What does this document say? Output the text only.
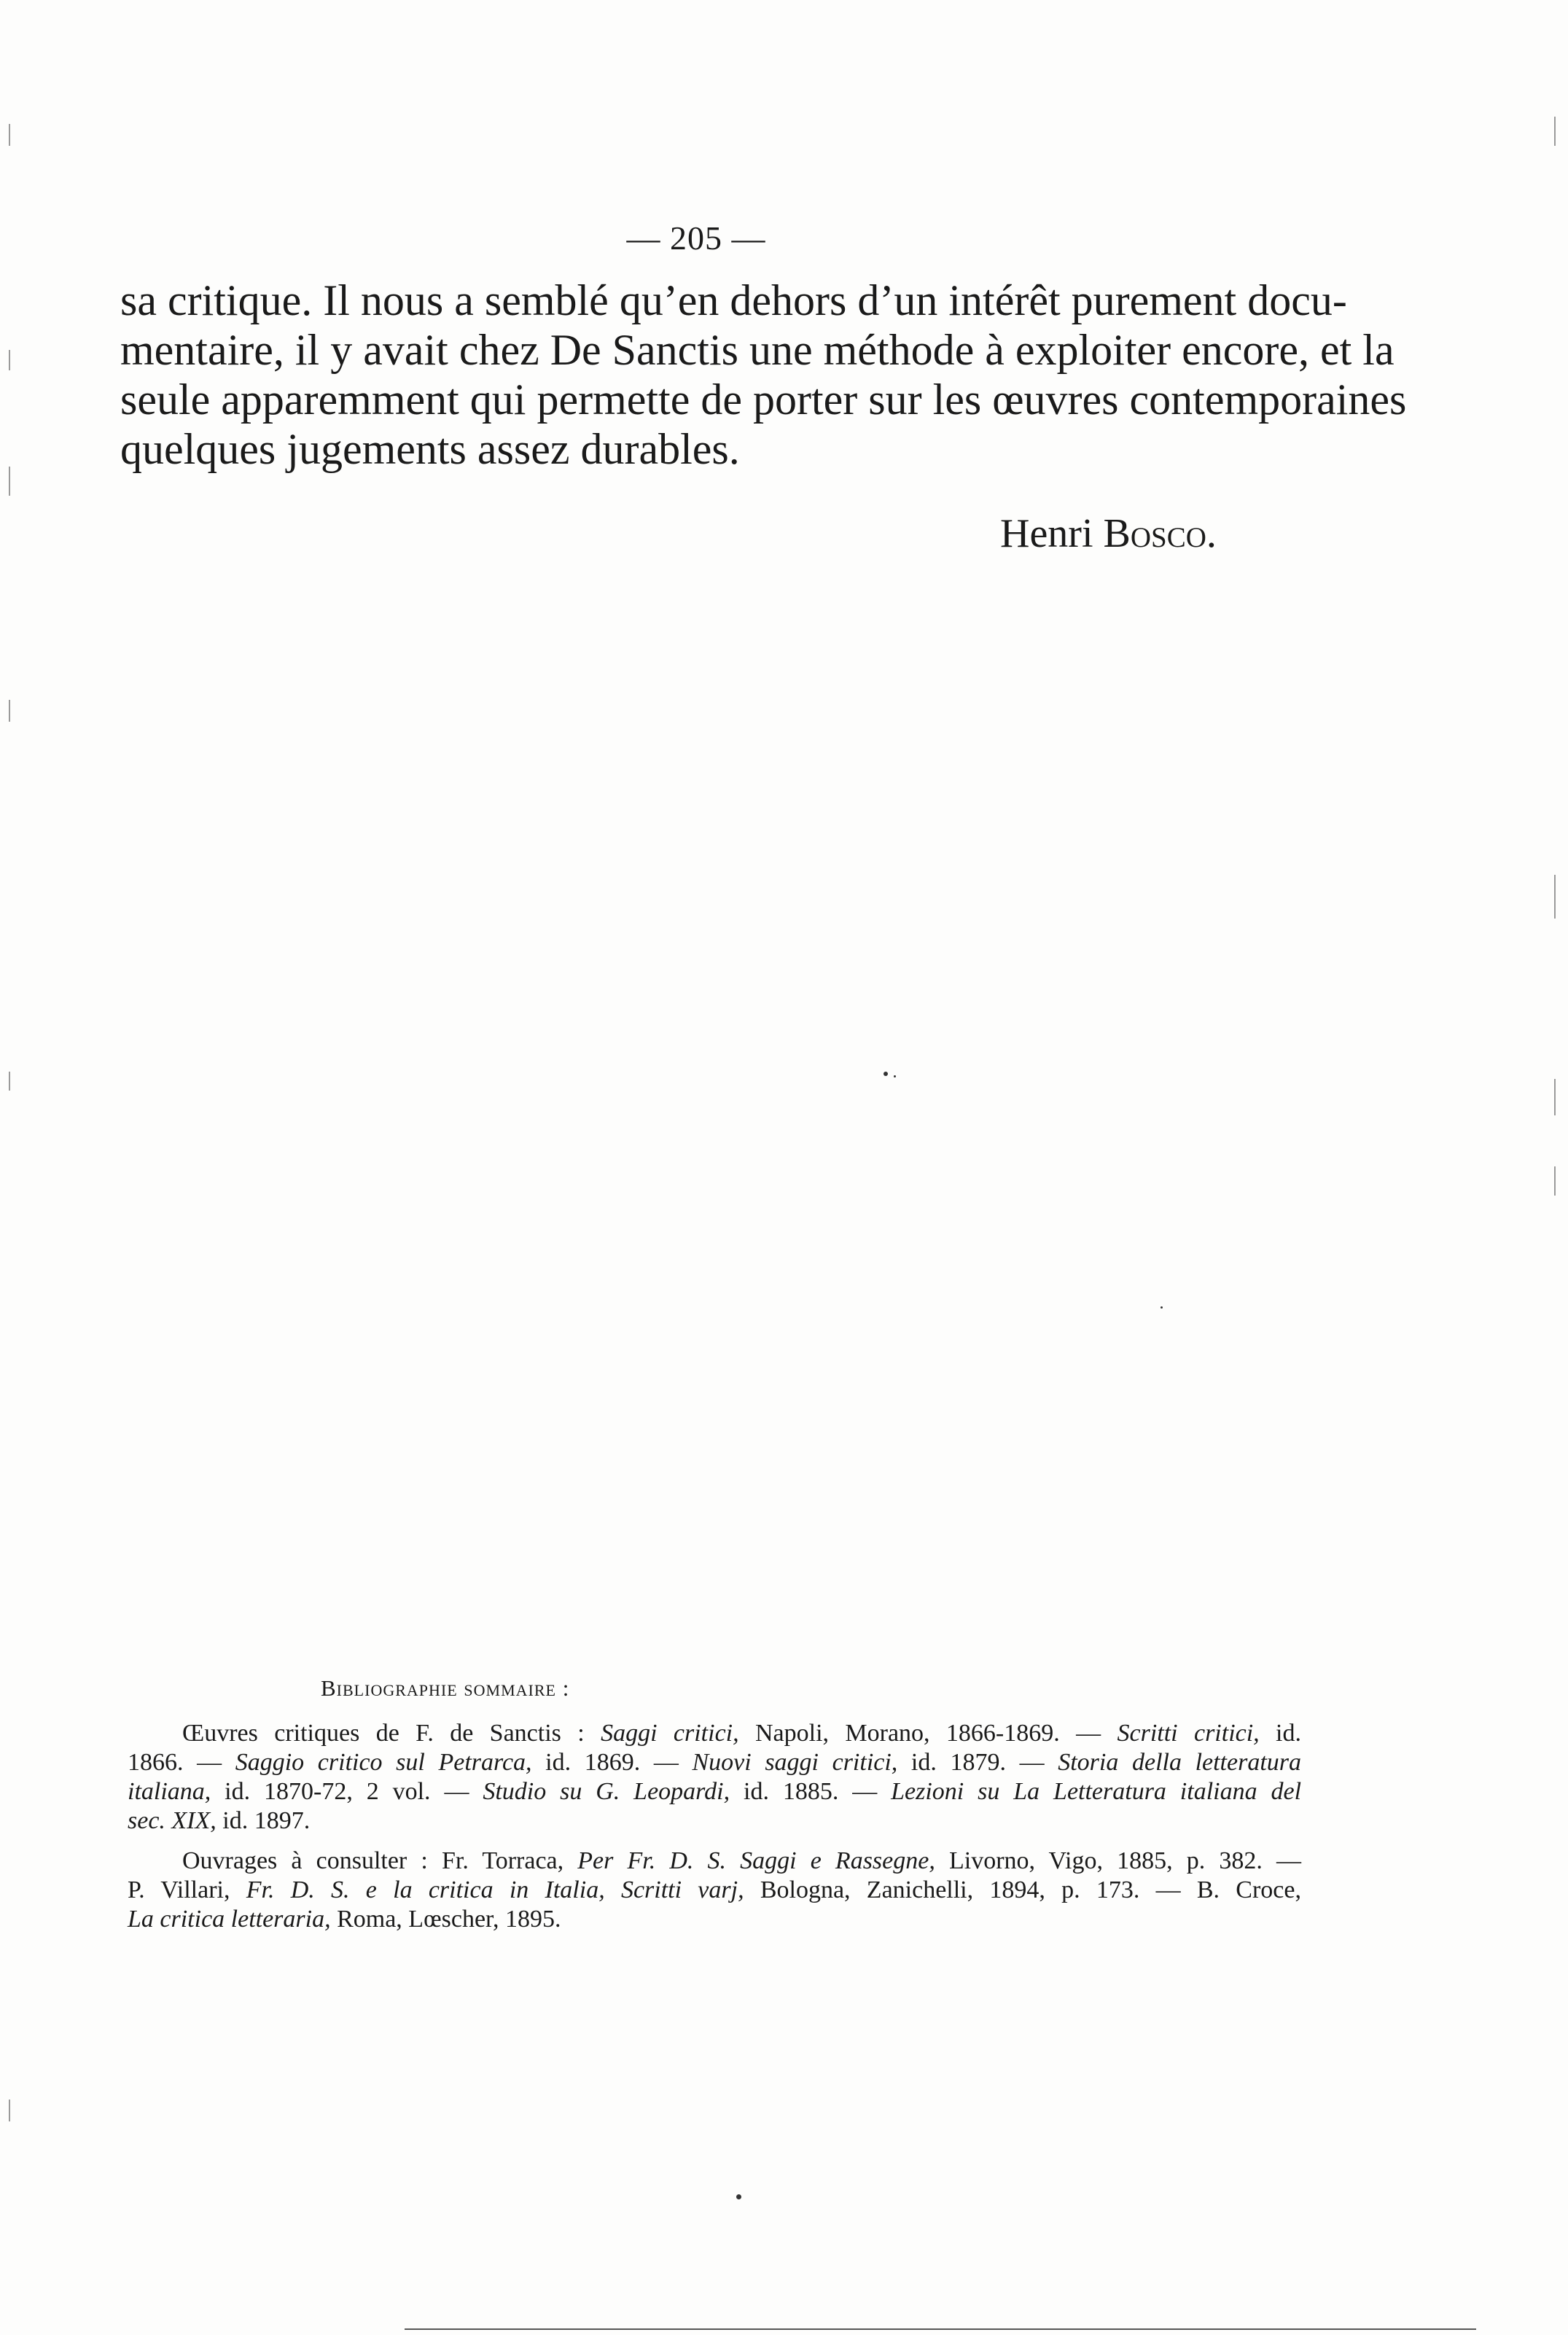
— 205 —
sa critique. Il nous a semblé qu’en dehors d’un intérêt purement docu-
mentaire, il y avait chez De Sanctis une méthode à exploiter encore, et la
seule apparemment qui permette de porter sur les œuvres contemporaines
quelques jugements assez durables.
Henri Bosco.
Bibliographie sommaire :
Œuvres critiques de F. de Sanctis : Saggi critici, Napoli, Morano, 1866-1869. — Scritti critici, id.
1866. — Saggio critico sul Petrarca, id. 1869. — Nuovi saggi critici, id. 1879. — Storia della letteratura
italiana, id. 1870-72, 2 vol. — Studio su G. Leopardi, id. 1885. — Lezioni su La Letteratura italiana del
sec. XIX, id. 1897.
Ouvrages à consulter : Fr. Torraca, Per Fr. D. S. Saggi e Rassegne, Livorno, Vigo, 1885, p. 382. —
P. Villari, Fr. D. S. e la critica in Italia, Scritti varj, Bologna, Zanichelli, 1894, p. 173. — B. Croce,
La critica letteraria, Roma, Lœscher, 1895.
